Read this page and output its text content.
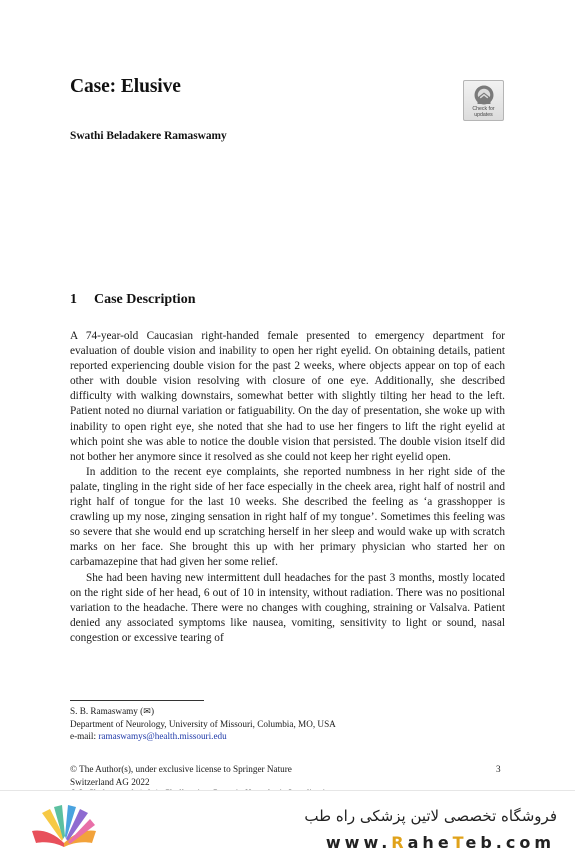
Case: Elusive
Check for
updates
Swathi Beladakere Ramaswamy
1 Case Description

A 74-year-old Caucasian right-handed female presented to emergency department for evaluation of double vision and inability to open her right eyelid. On obtaining details, patient reported experiencing double vision for the past 2 weeks, where objects appear on top of each other with double vision resolving with closure of one eye. Additionally, she described difficulty with walking downstairs, somewhat better with slightly tilting her head to the left. Patient noted no diurnal variation or fatiguability. On the day of presentation, she woke up with inability to open right eye, she noted that she had to use her fingers to lift the right eyelid at which point she was able to notice the double vision that persisted. The double vision itself did not bother her anymore since it resolved as she could not keep her right eyelid open.

In addition to the recent eye complaints, she reported numbness in her right side of the palate, tingling in the right side of her face especially in the cheek area, right half of nostril and right half of tongue for the last 10 weeks. She described the feeling as ‘a grasshopper is crawling up my nose, zinging sensation in right half of my tongue’. Sometimes this feeling was so severe that she would end up scratching herself in her sleep and would wake up with scratch marks on her face. She brought this up with her primary physician who started her on carbamazepine that had given her some relief.

She had been having new intermittent dull headaches for the past 3 months, mostly located on the right side of her head, 6 out of 10 in intensity, without radiation. There was no positional variation to the headache. There were no changes with coughing, straining or Valsalva. Patient denied any associated symptoms like nausea, vomiting, sensitivity to light or sound, nasal congestion or excessive tearing of

S. B. Ramaswamy (✉)
Department of Neurology, University of Missouri, Columbia, MO, USA
e-mail: ramaswamys@health.missouri.edu
© The Author(s), under exclusive license to Springer Nature
Switzerland AG 2022
3
فروشگاه تخصصی لاتین پزشکی راه طب
www.RaheTeb.com
